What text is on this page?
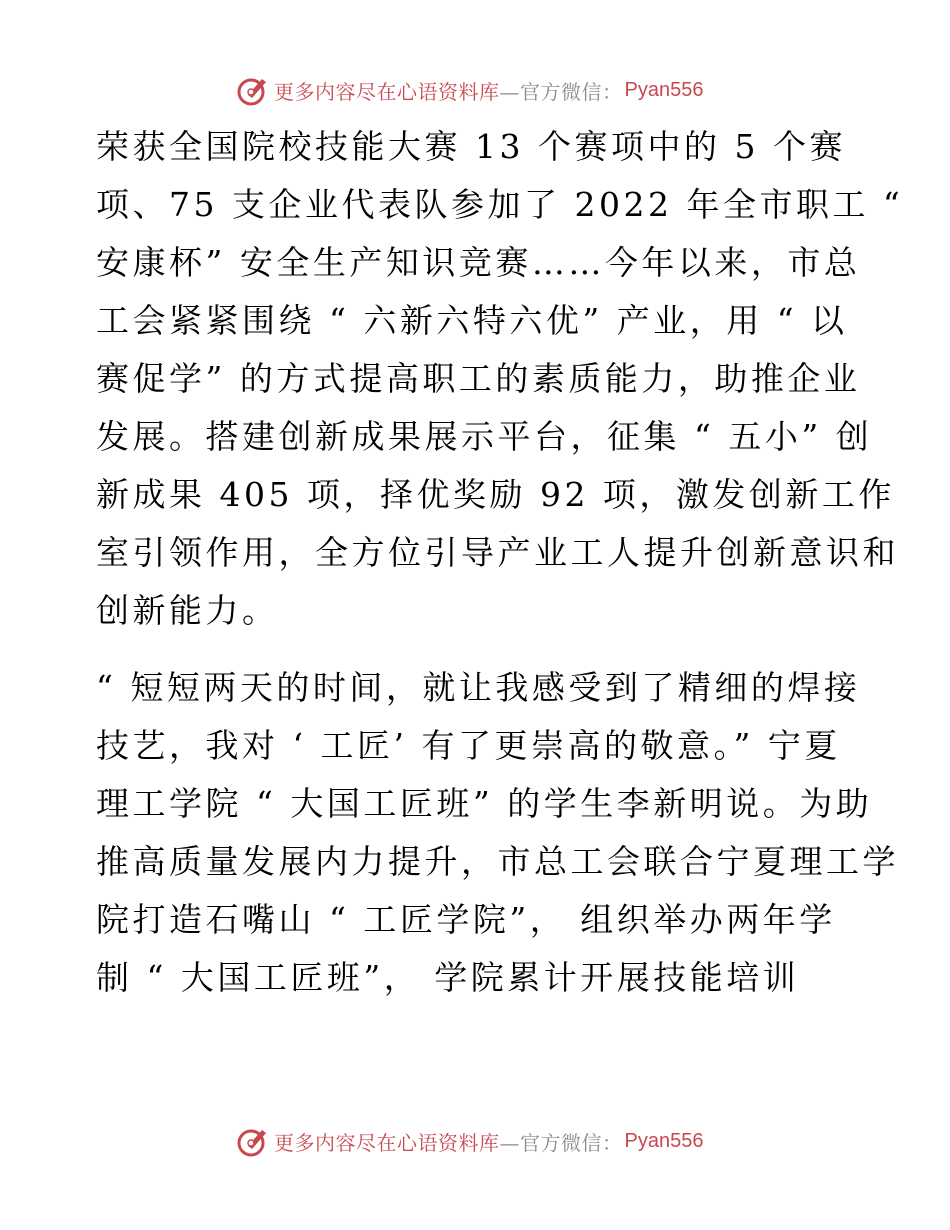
更多内容尽在心语资料库 —官方微信： Pyan556
荣获全国院校技能大赛 13 个赛项中的 5 个赛
项、75 支企业代表队参加了 2022 年全市职工 “
安康杯” 安全生产知识竞赛……今年以来，市总
工会紧紧围绕 “ 六新六特六优” 产业，用 “ 以
赛促学” 的方式提高职工的素质能力，助推企业
发展。搭建创新成果展示平台，征集 “ 五小” 创
新成果 405 项，择优奖励 92 项，激发创新工作
室引领作用，全方位引导产业工人提升创新意识和
创新能力。
“ 短短两天的时间，就让我感受到了精细的焊接
技艺，我对 ‘ 工匠’ 有了更崇高的敬意。” 宁夏
理工学院 “ 大国工匠班” 的学生李新明说。为助
推高质量发展内力提升，市总工会联合宁夏理工学
院打造石嘴山 “ 工匠学院”， 组织举办两年学
制 “ 大国工匠班”， 学院累计开展技能培训
更多内容尽在心语资料库 —官方微信： Pyan556
